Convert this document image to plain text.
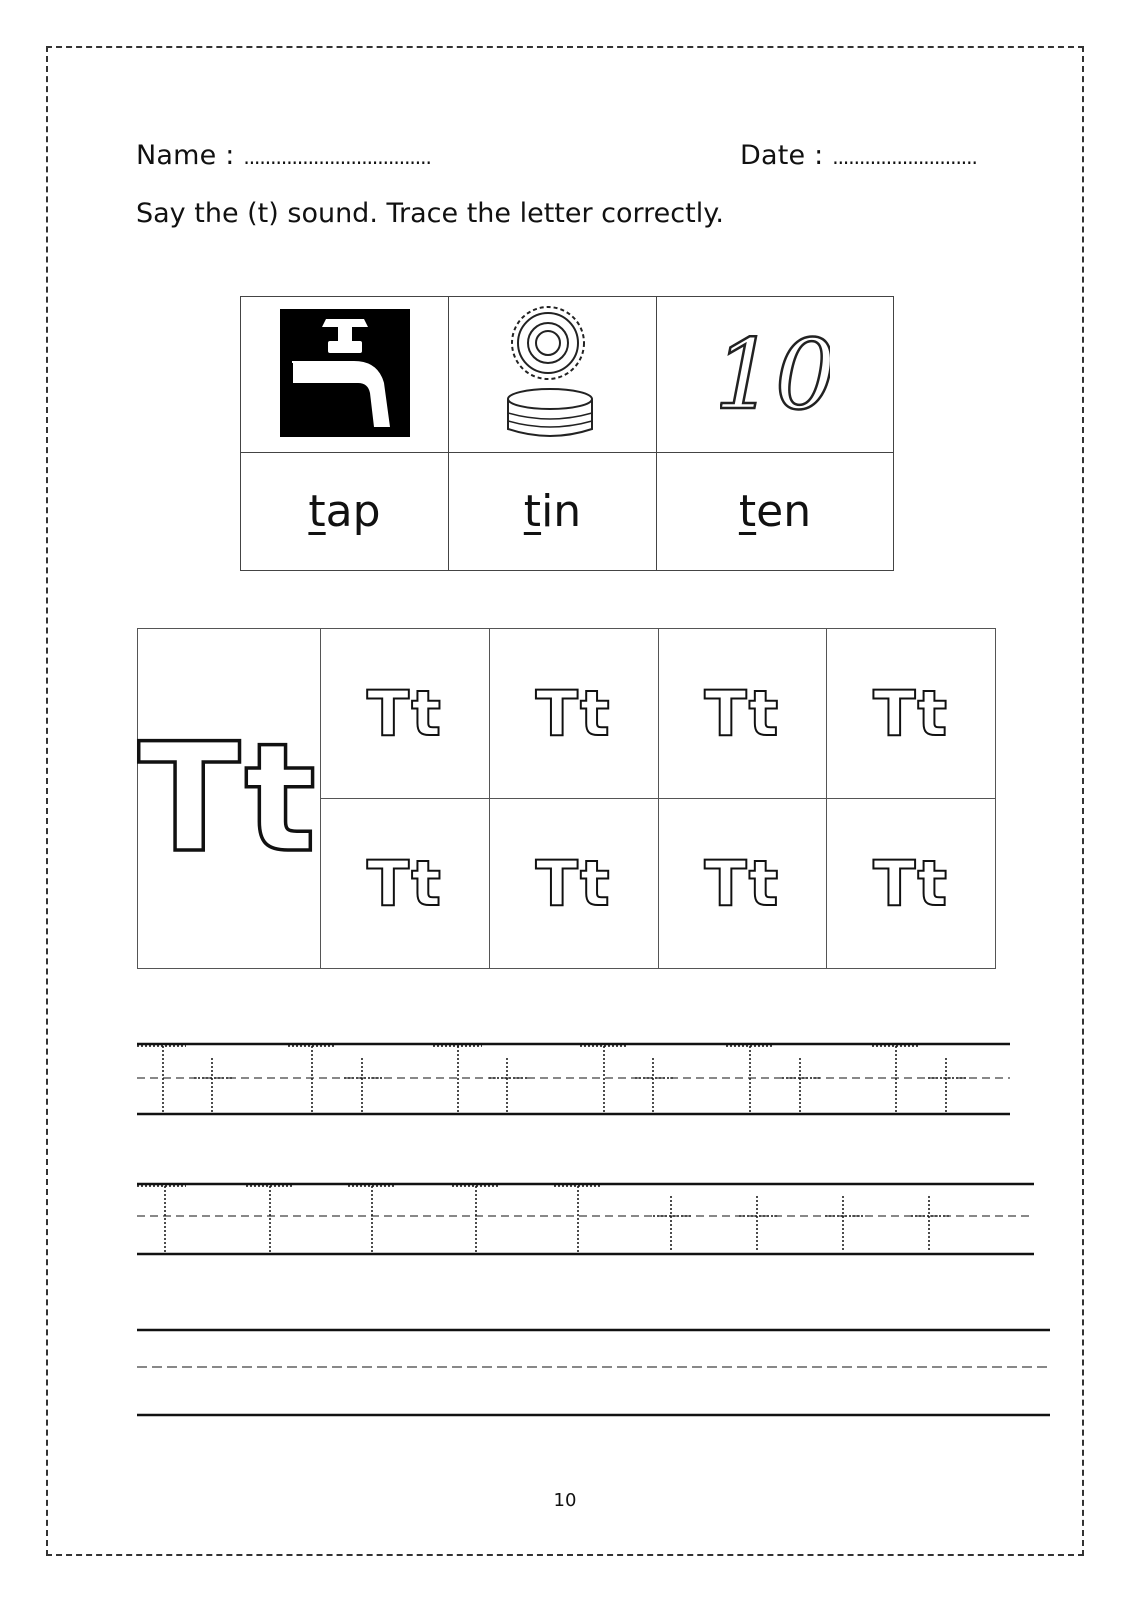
Name : ...................................	Date : ...........................
Say the (t) sound. Trace the letter correctly.

10

tap	tin	ten
Tt	Tt	Tt	Tt	Tt
	Tt	Tt	Tt	Tt
10
